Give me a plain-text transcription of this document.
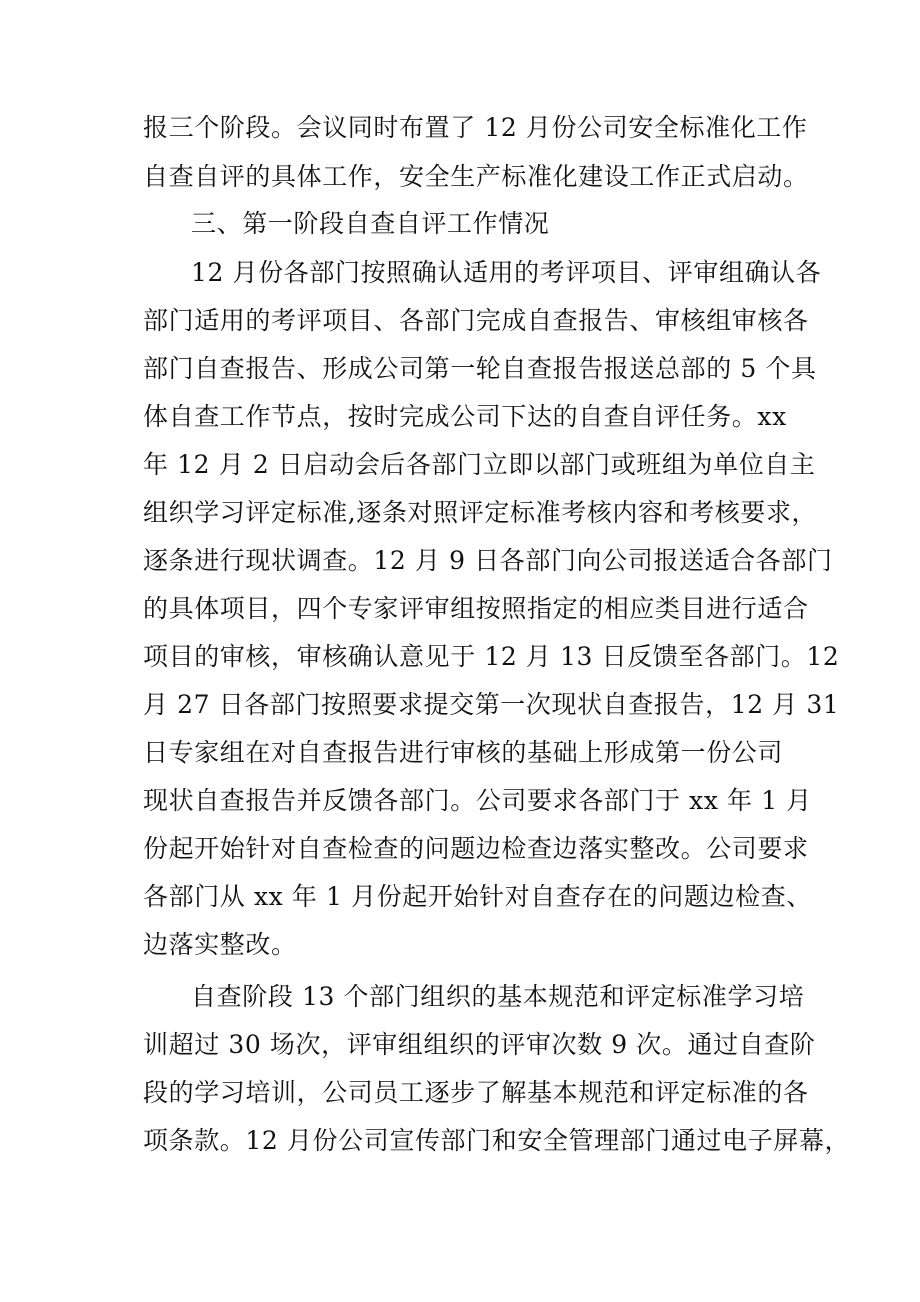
报三个阶段。会议同时布置了 12 月份公司安全标准化工作
自查自评的具体工作，安全生产标准化建设工作正式启动。
三、第一阶段自查自评工作情况
12 月份各部门按照确认适用的考评项目、评审组确认各
部门适用的考评项目、各部门完成自查报告、审核组审核各
部门自查报告、形成公司第一轮自查报告报送总部的 5 个具
体自查工作节点，按时完成公司下达的自查自评任务。xx
年 12 月 2 日启动会后各部门立即以部门或班组为单位自主
组织学习评定标准,逐条对照评定标准考核内容和考核要求，
逐条进行现状调查。12 月 9 日各部门向公司报送适合各部门
的具体项目，四个专家评审组按照指定的相应类目进行适合
项目的审核，审核确认意见于 12 月 13 日反馈至各部门。12
月 27 日各部门按照要求提交第一次现状自查报告，12 月 31
日专家组在对自查报告进行审核的基础上形成第一份公司
现状自查报告并反馈各部门。公司要求各部门于 xx 年 1 月
份起开始针对自查检查的问题边检查边落实整改。公司要求
各部门从 xx 年 1 月份起开始针对自查存在的问题边检查、
边落实整改。
自查阶段 13 个部门组织的基本规范和评定标准学习培
训超过 30 场次，评审组组织的评审次数 9 次。通过自查阶
段的学习培训，公司员工逐步了解基本规范和评定标准的各
项条款。12 月份公司宣传部门和安全管理部门通过电子屏幕，
